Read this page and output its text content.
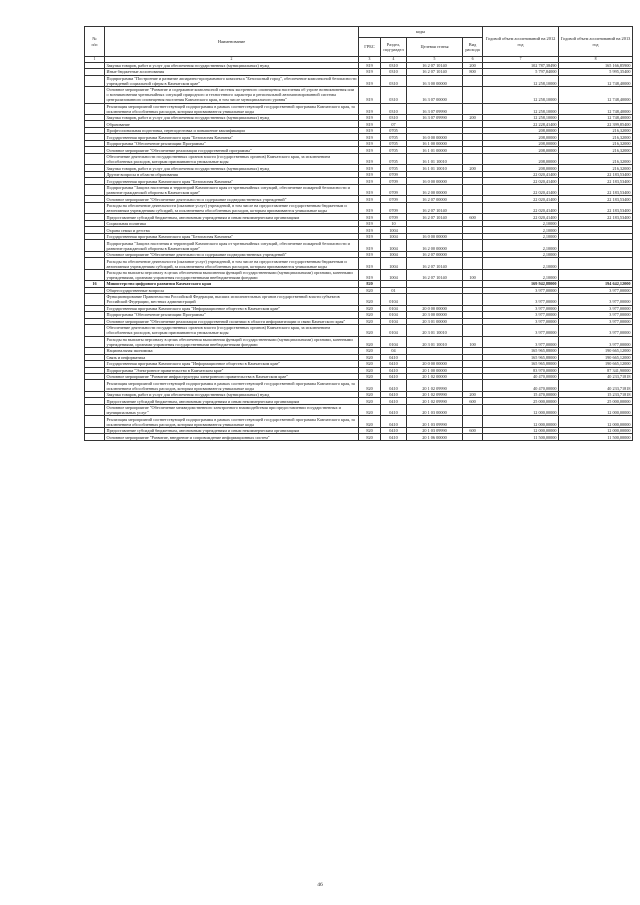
№
п/п	Наименование	коды				Годовой объем ассигнований на 2012 год	Годовой объем ассигнований на 2013 год
		ГРБС	Раздел, под-раздел	Целевая статья	Вид расхода		
1	2	3	4	5	6	7	8
	Закупка товаров, работ и услуг для обеспечения государственных (муниципальных) нужд	819	0310	16 2 07 10140	200	102 787,38490	165 166,85900
	Иные бюджетные ассигнования	819	0310	16 2 07 10140	800	5 797,84000	5 995,35400
	Подпрограмма "Построение и развитие аппаратно-программного комплекса "Безопасный город", обеспечение комплексной безопасности учреждений социальной сферы в Камчатском крае"	819	0310	16 3 00 00000		12 258,10000	12 748,40000
	Основное мероприятие "Развитие и содержание комплексной системы экстренного оповещения населения об угрозе возникновения или о возникновении чрезвычайных ситуаций природного и техногенного характера и региональной автоматизированной системы централизованного оповещения населения Камчатского края, в том числе муниципального уровня"	819	0310	16 3 07 00000		12 258,10000	12 748,40000
	Реализация мероприятий соответствующей подпрограммы в рамках соответствующей государственной программы Камчатского края, за исключением обособленных расходов, которым присваиваются уникальные коды	819	0310	16 3 07 09990		12 258,10000	12 748,40000
	Закупка товаров, работ и услуг для обеспечения государственных (муниципальных) нужд	819	0310	16 3 07 09990	200	12 258,10000	12 748,40000
	Образование	819	07			22 228,41400	22 399,85400
	Профессиональная подготовка, переподготовка и повышение квалификации	819	0705			208,00000	216,32000
	Государственная программа Камчатского края "Безопасная Камчатка"	819	0705	16 0 00 00000		208,00000	216,32000
	Подпрограмма "Обеспечение реализации Программы"	819	0705	16 1 00 00000		208,00000	216,32000
	Основное мероприятие "Обеспечение реализации государственной программы"	819	0705	16 1 01 00000		208,00000	216,32000
	Обеспечение деятельности государственных органов власти (государственных органов) Камчатского края, за исключением обособленных расходов, которым присваиваются уникальные коды	819	0705	16 1 01 10010		208,00000	216,32000
	Закупка товаров, работ и услуг для обеспечения государственных (муниципальных) нужд	819	0705	16 1 01 10010	200	208,00000	216,32000
	Другие вопросы в области образования	819	0709			22 020,41400	22 183,53400
	Государственная программа Камчатского края "Безопасная Камчатка"	819	0709	16 0 00 00000		22 020,41400	22 183,53400
	Подпрограмма "Защита населения и территорий Камчатского края от чрезвычайных ситуаций, обеспечение пожарной безопасности и развитие гражданской обороны в Камчатском крае"	819	0709	16 2 00 00000		22 020,41400	22 183,53400
	Основное мероприятие "Обеспечение деятельности и содержание подведомственных учреждений"	819	0709	16 2 07 00000		22 020,41400	22 183,53400
	Расходы на обеспечение деятельности (оказание услуг) учреждений, в том числе на предоставление государственным бюджетным и автономным учреждениям субсидий, за исключением обособленных расходов, которым присваиваются уникальные коды	819	0709	16 2 07 10140		22 020,41400	22 183,53400
	Предоставление субсидий бюджетным, автономным учреждениям и иным некоммерческим организациям	819	0709	16 2 07 10140	600	22 020,41400	22 183,53400
	Социальная политика	819	10			2,10000	
	Охрана семьи и детства	819	1004			2,10000	
	Государственная программа Камчатского края "Безопасная Камчатка"	819	1004	16 0 00 00000		2,10000	
	Подпрограмма "Защита населения и территорий Камчатского края от чрезвычайных ситуаций, обеспечение пожарной безопасности и развитие гражданской обороны в Камчатском крае"	819	1004	16 2 00 00000		2,10000	
	Основное мероприятие "Обеспечение деятельности и содержание подведомственных учреждений"	819	1004	16 2 07 00000		2,10000	
	Расходы на обеспечение деятельности (оказание услуг) учреждений, в том числе на предоставление государственным бюджетным и автономным учреждениям субсидий, за исключением обособленных расходов, которым присваиваются уникальные коды	819	1004	16 2 07 10140		2,10000	
	Расходы на выплаты персоналу в целях обеспечения выполнения функций государственными (муниципальными) органами, казенными учреждениями, органами управления государственными внебюджетными фондами	819	1004	16 2 07 10140	100	2,10000	
16	Министерство цифрового развития Камчатского края	820				169 942,88000	194 642,12000
	Общегосударственные вопросы	820	01			3 977,00000	3 977,00000
	Функционирование Правительства Российской Федерации, высших исполнительных органов государственной власти субъектов Российской Федерации, местных администраций	820	0104			3 977,00000	3 977,00000
	Государственная программа Камчатского края "Информационное общество в Камчатском крае"	820	0104	20 0 00 00000		3 977,00000	3 977,00000
	Подпрограмма "Обеспечение реализации Программы"	820	0104	20 3 00 00000		3 977,00000	3 977,00000
	Основное мероприятие "Обеспечение реализации государственной политики в области информатизации и связи Камчатского края"	820	0104	20 3 01 00000		3 977,00000	3 977,00000
	Обеспечение деятельности государственных органов власти (государственных органов) Камчатского края, за исключением обособленных расходов, которым присваиваются уникальные коды	820	0104	20 3 01 10010		3 977,00000	3 977,00000
	Расходы на выплаты персоналу в целях обеспечения выполнения функций государственными (муниципальными) органами, казенными учреждениями, органами управления государственными внебюджетными фондами	820	0104	20 3 01 10010	100	3 977,00000	3 977,00000
	Национальная экономика	820	04			165 965,88000	190 665,12000
	Связь и информатика	820	0410			165 965,88000	190 665,12000
	Государственная программа Камчатского края "Информационное общество в Камчатском крае"	820	0410	20 0 00 00000		165 965,88000	190 665,12000
	Подпрограмма "Электронное правительство в Камчатском крае"	820	0410	20 1 00 00000		83 970,00000	87 341,90000
	Основное мероприятие "Развитие инфраструктуры электронного правительства в Камчатском крае"	820	0410	20 1 02 00000		40 470,00000	40 233,71818
	Реализация мероприятий соответствующей подпрограммы в рамках соответствующей государственной программы Камчатского края, за исключением обособленных расходов, которым присваиваются уникальные коды	820	0410	20 1 02 09990		40 470,00000	40 233,71818
	Закупка товаров, работ и услуг для обеспечения государственных (муниципальных) нужд	820	0410	20 1 02 09990	200	15 470,00000	15 233,71818
	Предоставление субсидий бюджетным, автономным учреждениям и иным некоммерческим организациям	820	0410	20 1 02 09990	600	25 000,00000	25 000,00000
	Основное мероприятие "Обеспечение межведомственного электронного взаимодействия при предоставлении государственных и муниципальных услуг"	820	0410	20 1 03 00000		12 000,00000	12 000,00000
	Реализация мероприятий соответствующей подпрограммы в рамках соответствующей государственной программы Камчатского края, за исключением обособленных расходов, которым присваиваются уникальные коды	820	0410	20 1 03 09990		12 000,00000	12 000,00000
	Предоставление субсидий бюджетным, автономным учреждениям и иным некоммерческим организациям	820	0410	20 1 03 09990	600	12 000,00000	12 000,00000
	Основное мероприятие "Развитие, внедрение и сопровождение информационных систем"	820	0410	20 1 06 00000		11 500,00000	11 500,00000
46
